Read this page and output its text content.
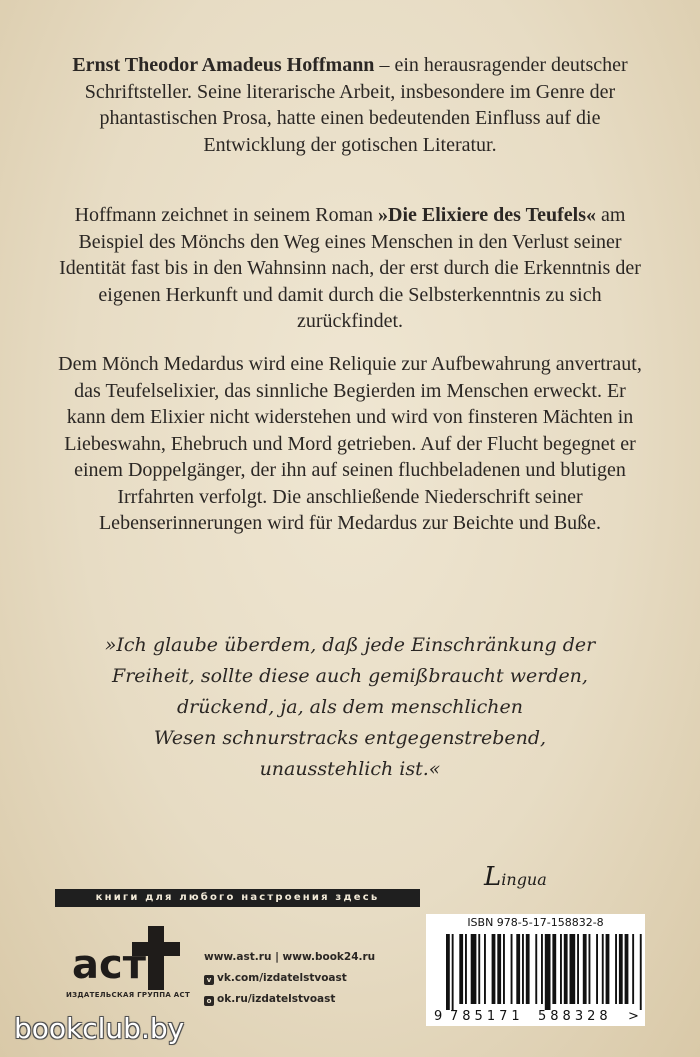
Ernst Theodor Amadeus Hoffmann – ein herausragender deutscher Schriftsteller. Seine literarische Arbeit, insbesondere im Genre der phantastischen Prosa, hatte einen bedeutenden Einfluss auf die Entwicklung der gotischen Literatur.
Hoffmann zeichnet in seinem Roman »Die Elixiere des Teufels« am Beispiel des Mönchs den Weg eines Menschen in den Verlust seiner Identität fast bis in den Wahnsinn nach, der erst durch die Erkenntnis der eigenen Herkunft und damit durch die Selbsterkenntnis zu sich zurückfindet.
Dem Mönch Medardus wird eine Reliquie zur Aufbewahrung anvertraut, das Teufelselixier, das sinnliche Begierden im Menschen erweckt. Er kann dem Elixier nicht widerstehen und wird von finsteren Mächten in Liebeswahn, Ehebruch und Mord getrieben. Auf der Flucht begegnet er einem Doppelgänger, der ihn auf seinen fluchbeladenen und blutigen Irrfahrten verfolgt. Die anschließende Niederschrift seiner Lebenserinnerungen wird für Medardus zur Beichte und Buße.
»Ich glaube überdem, daß jede Einschränkung der
Freiheit, sollte diese auch gemißbraucht werden,
drückend, ja, als dem menschlichen
Wesen schnurstracks entgegenstrebend,
unausstehlich ist.«
Lingua
книги для любого настроения здесь
аст
ИЗДАТЕЛЬСКАЯ ГРУППА АСТ
www.ast.ru | www.book24.ru
v vk.com/izdatelstvoast
o ok.ru/izdatelstvoast
ISBN 978-5-17-158832-8
9 785171 588328 >
bookclub.by
